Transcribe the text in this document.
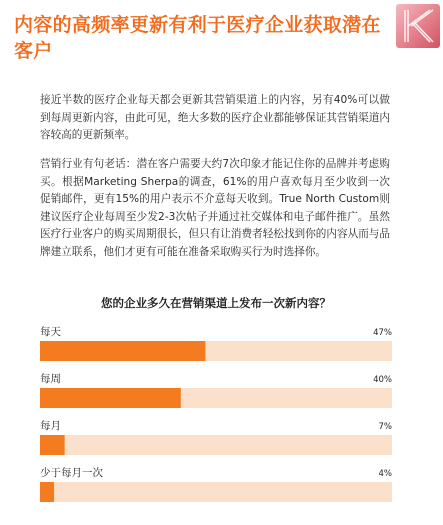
内容的高频率更新有利于医疗企业获取潜在客户

接近半数的医疗企业每天都会更新其营销渠道上的内容，另有40%可以做到每周更新内容，由此可见，绝大多数的医疗企业都能够保证其营销渠道内容较高的更新频率。

营销行业有句老话：潜在客户需要大约7次印象才能记住你的品牌并考虑购买。根据Marketing Sherpa的调查，61%的用户喜欢每月至少收到一次促销邮件，更有15%的用户表示不介意每天收到。True North Custom则建议医疗企业每周至少发2-3次帖子并通过社交媒体和电子邮件推广。虽然医疗行业客户的购买周期很长，但只有让消费者轻松找到你的内容从而与品牌建立联系，他们才更有可能在准备采取购买行为时选择你。

您的企业多久在营销渠道上发布一次新内容？

每天	47%
每周	40%
每月	7%
少于每月一次	4%
